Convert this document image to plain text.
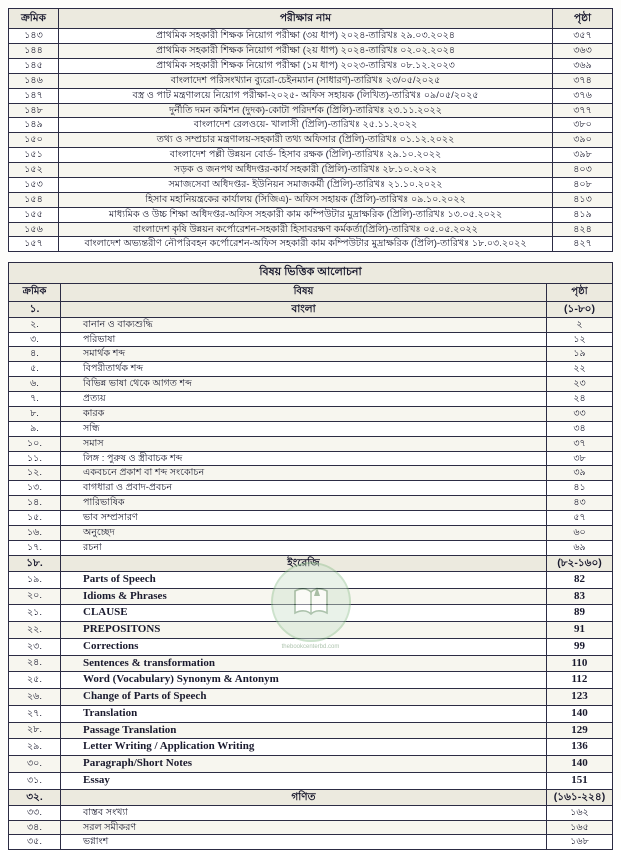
ক্রমিক	পরীক্ষার নাম	পৃষ্ঠা
১৪৩	প্রাথমিক সহকারী শিক্ষক নিয়োগ পরীক্ষা (৩য় ধাপ) ২০২৪-তারিখঃ ২৯.০৩.২০২৪	৩৫৭
১৪৪	প্রাথমিক সহকারী শিক্ষক নিয়োগ পরীক্ষা (২য় ধাপ) ২০২৪-তারিখঃ ০২.০২.২০২৪	৩৬৩
১৪৫	প্রাথমিক সহকারী শিক্ষক নিয়োগ পরীক্ষা (১ম ধাপ) ২০২৩-তারিখঃ ০৮.১২.২০২৩	৩৬৯
১৪৬	বাংলাদেশ পরিসংখ্যান ব্যুরো-চেইনম্যান (সাধারণ)-তারিখঃ ২৩/০৫/২০২৫	৩৭৪
১৪৭	বস্ত্র ও পাট মন্ত্রণালয়ে নিয়োগ পরীক্ষা-২০২৫- অফিস সহায়ক (লিখিত)-তারিখঃ ০৯/০৫/২০২৫	৩৭৬
১৪৮	দুর্নীতি দমন কমিশন (দুদক)-কোটা পরিদর্শক (প্রিলি)-তারিখঃ ২৩.১১.২০২২	৩৭৭
১৪৯	বাংলাদেশ রেলওয়ে- খালাসী (প্রিলি)-তারিখঃ ২৫.১১.২০২২	৩৮০
১৫০	তথ্য ও সম্প্রচার মন্ত্রণালয়-সহকারী তথ্য অফিসার (প্রিলি)-তারিখঃ ০১.১২.২০২২	৩৯০
১৫১	বাংলাদেশ পল্লী উন্নয়ন বোর্ড- হিসাব রক্ষক (প্রিলি)-তারিখঃ ২৯.১০.২০২২	৩৯৮
১৫২	সড়ক ও জনপথ অধিদপ্তর-কার্য সহকারী (প্রিলি)-তারিখঃ ২৮.১০.২০২২	৪০৩
১৫৩	সমাজসেবা অধিদপ্তর- ইউনিয়ন সমাজকর্মী (প্রিলি)-তারিখঃ ২১.১০.২০২২	৪০৮
১৫৪	হিসাব মহানিয়ন্ত্রকের কার্যালয় (সিজিএ)- অফিস সহায়ক (প্রিলি)-তারিখঃ ০৯.১০.২০২২	৪১৩
১৫৫	মাধ্যমিক ও উচ্চ শিক্ষা অধিদপ্তর-অফিস সহকারী কাম কম্পিউটার মুদ্রাক্ষরিক (প্রিলি)-তারিখঃ ১৩.০৫.২০২২	৪১৯
১৫৬	বাংলাদেশ কৃষি উন্নয়ন কর্পোরেশন-সহকারী হিসাবরক্ষণ কর্মকর্তা(প্রিলি)-তারিখঃ ০৫.০৫.২০২২	৪২৪
১৫৭	বাংলাদেশ অভ্যন্তরীণ নৌপরিবহন কর্পোরেশন-অফিস সহকারী কাম কম্পিউটার মুদ্রাক্ষরিক (প্রিলি)-তারিখঃ ১৮.০৩.২০২২	৪২৭
বিষয় ভিত্তিক আলোচনা		
ক্রমিক	বিষয়	পৃষ্ঠা
১.	বাংলা	(১-৮০)
২.	বানান ও বাক্যশুদ্ধি	২
৩.	পরিভাষা	১২
৪.	সমার্থক শব্দ	১৯
৫.	বিপরীতার্থক শব্দ	২২
৬.	বিভিন্ন ভাষা থেকে আগত শব্দ	২৩
৭.	প্রত্যয়	২৪
৮.	কারক	৩৩
৯.	সন্ধি	৩৪
১০.	সমাস	৩৭
১১.	লিঙ্গ : পুরুষ ও স্ত্রীবাচক শব্দ	৩৮
১২.	একবচনে প্রকাশ বা শব্দ সংকোচন	৩৯
১৩.	বাগধারা ও প্রবাদ-প্রবচন	৪১
১৪.	পারিভাষিক	৪৩
১৫.	ভাব সম্প্রসারণ	৫৭
১৬.	অনুচ্ছেদ	৬০
১৭.	রচনা	৬৯
১৮.	ইংরেজি	(৮২-১৬০)
১৯.	Parts of Speech	82
২০.	Idioms & Phrases	83
২১.	CLAUSE	89
২২.	PREPOSITONS	91
২৩.	Corrections	99
২৪.	Sentences & transformation	110
২৫.	Word (Vocabulary) Synonym & Antonym	112
২৬.	Change of Parts of Speech	123
২৭.	Translation	140
২৮.	Passage Translation	129
২৯.	Letter Writing / Application Writing	136
৩০.	Paragraph/Short Notes	140
৩১.	Essay	151
৩২.	গণিত	(১৬১-২২৪)
৩৩.	বাস্তব সংখ্যা	১৬২
৩৪.	সরল সমীকরণ	১৬৫
৩৫.	ভগ্নাংশ	১৬৮
thebookcenterbd.com
